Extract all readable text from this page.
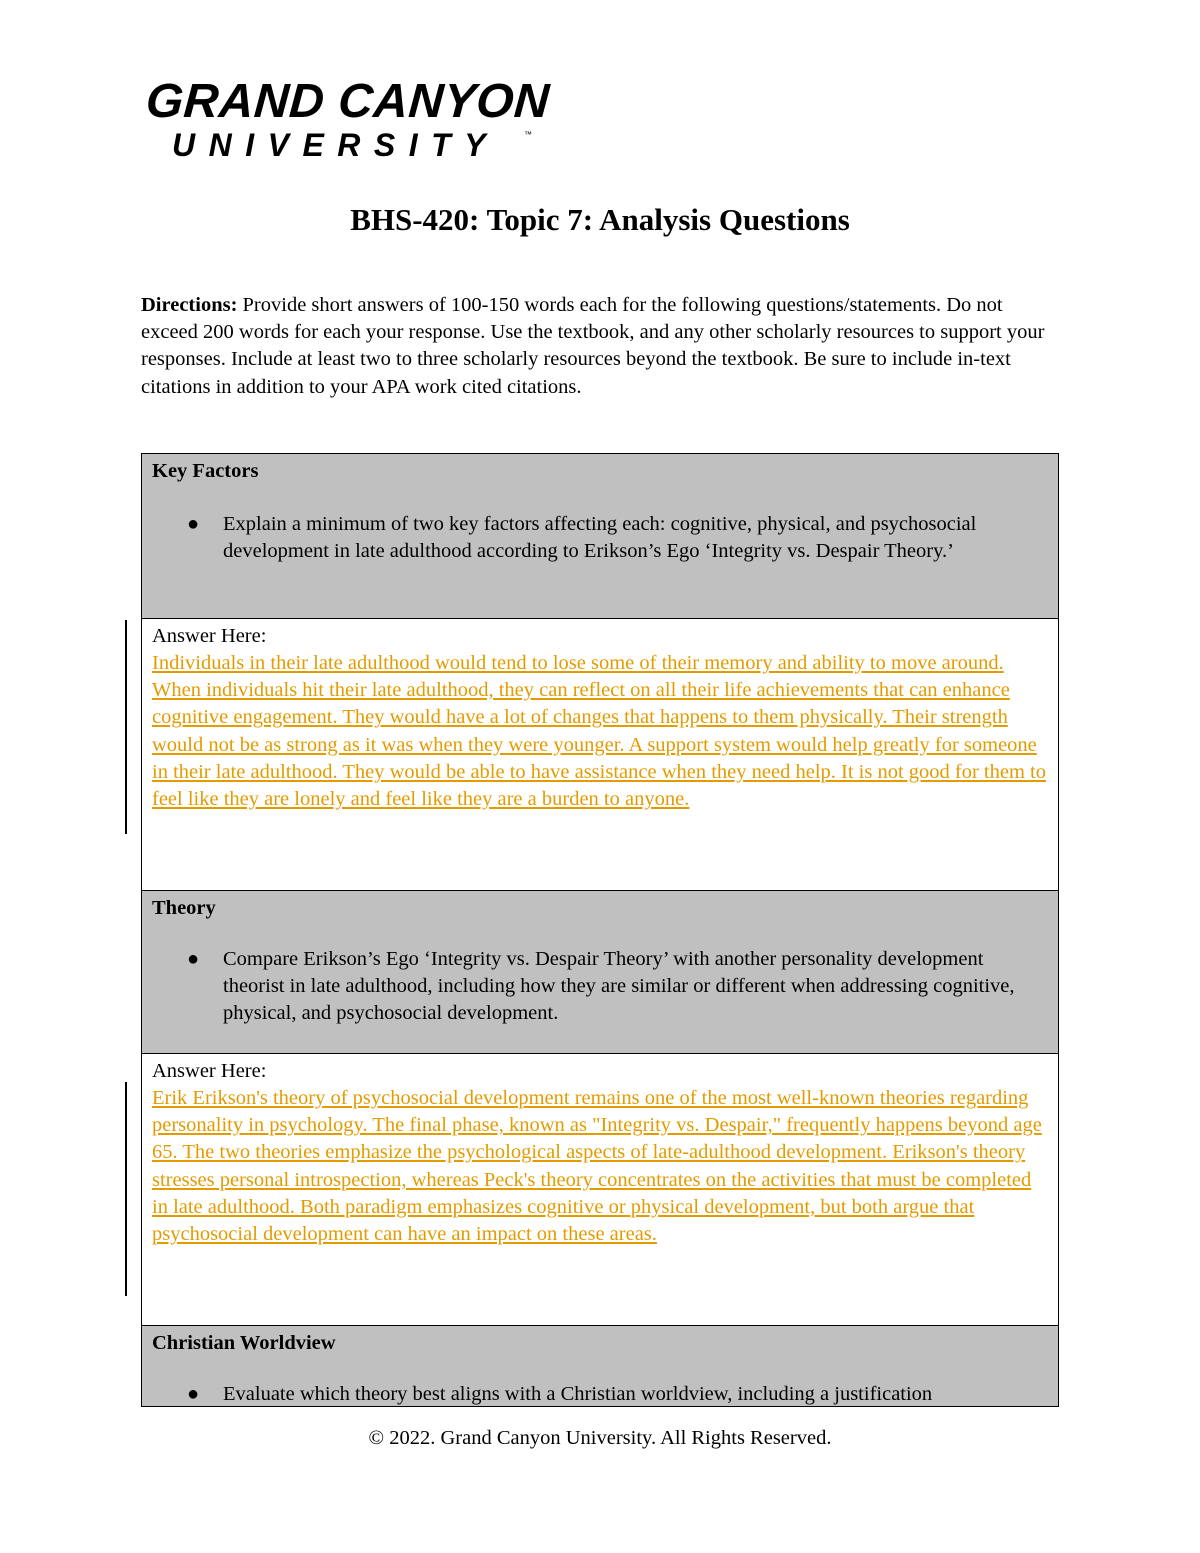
GRAND CANYON
UNIVERSITY	™
BHS-420: Topic 7: Analysis Questions
Directions: Provide short answers of 100-150 words each for the following questions/statements. Do not exceed 200 words for each your response. Use the textbook, and any other scholarly resources to support your responses. Include at least two to three scholarly resources beyond the textbook. Be sure to include in-text citations in addition to your APA work cited citations.
Key Factors
● Explain a minimum of two key factors affecting each: cognitive, physical, and psychosocial development in late adulthood according to Erikson’s Ego ‘Integrity vs. Despair Theory.’
Answer Here:
Individuals in their late adulthood would tend to lose some of their memory and ability to move around. When individuals hit their late adulthood, they can reflect on all their life achievements that can enhance cognitive engagement. They would have a lot of changes that happens to them physically. Their strength would not be as strong as it was when they were younger. A support system would help greatly for someone in their late adulthood. They would be able to have assistance when they need help. It is not good for them to feel like they are lonely and feel like they are a burden to anyone.
Theory
● Compare Erikson’s Ego ‘Integrity vs. Despair Theory’ with another personality development theorist in late adulthood, including how they are similar or different when addressing cognitive, physical, and psychosocial development.
Answer Here:
Erik Erikson's theory of psychosocial development remains one of the most well-known theories regarding personality in psychology. The final phase, known as "Integrity vs. Despair," frequently happens beyond age 65. The two theories emphasize the psychological aspects of late-adulthood development. Erikson's theory stresses personal introspection, whereas Peck's theory concentrates on the activities that must be completed in late adulthood. Both paradigm emphasizes cognitive or physical development, but both argue that psychosocial development can have an impact on these areas.
Christian Worldview
● Evaluate which theory best aligns with a Christian worldview, including a justification
© 2022. Grand Canyon University. All Rights Reserved.
